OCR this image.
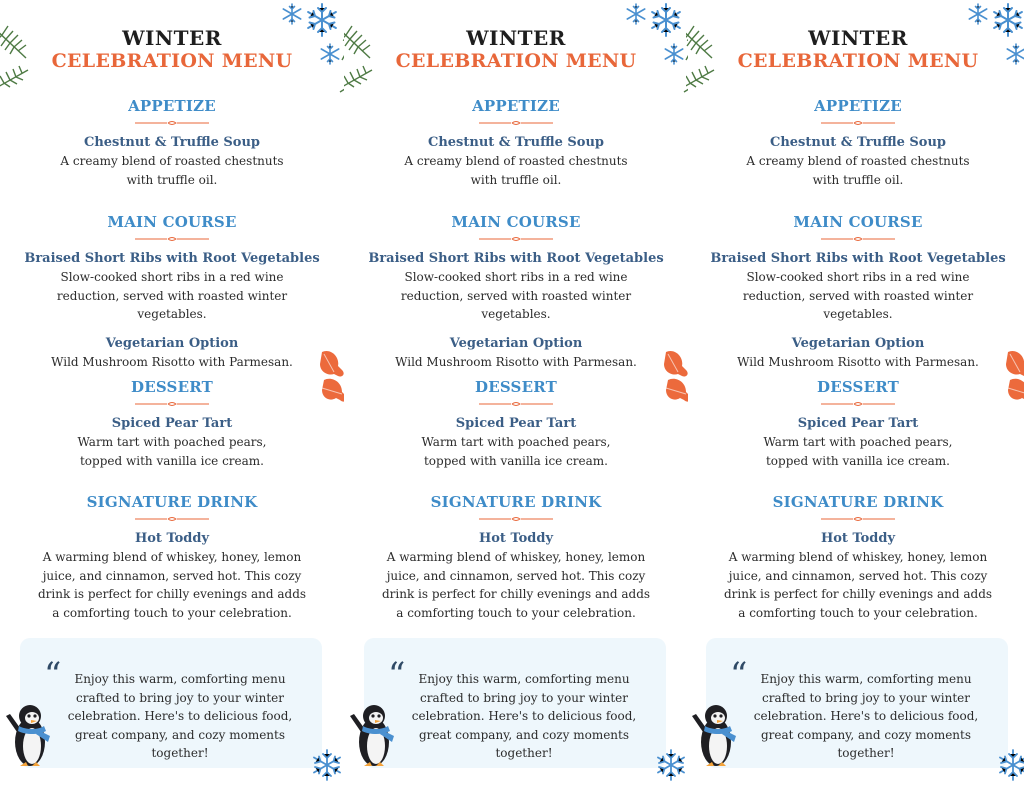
WINTER
CELEBRATION MENU
APPETIZE
Chestnut & Truffle Soup
A creamy blend of roasted chestnuts with truffle oil.
MAIN COURSE
Braised Short Ribs with Root Vegetables
Slow-cooked short ribs in a red wine reduction, served with roasted winter vegetables.
Vegetarian Option
Wild Mushroom Risotto with Parmesan.
DESSERT
Spiced Pear Tart
Warm tart with poached pears, topped with vanilla ice cream.
SIGNATURE DRINK
Hot Toddy
A warming blend of whiskey, honey, lemon juice, and cinnamon, served hot. This cozy drink is perfect for chilly evenings and adds a comforting touch to your celebration.
“	Enjoy this warm, comforting menu crafted to bring joy to your winter celebration. Here's to delicious food, great company, and cozy moments together!
WINTER
CELEBRATION MENU
APPETIZE
Chestnut & Truffle Soup
A creamy blend of roasted chestnuts with truffle oil.
MAIN COURSE
Braised Short Ribs with Root Vegetables
Slow-cooked short ribs in a red wine reduction, served with roasted winter vegetables.
Vegetarian Option
Wild Mushroom Risotto with Parmesan.
DESSERT
Spiced Pear Tart
Warm tart with poached pears, topped with vanilla ice cream.
SIGNATURE DRINK
Hot Toddy
A warming blend of whiskey, honey, lemon juice, and cinnamon, served hot. This cozy drink is perfect for chilly evenings and adds a comforting touch to your celebration.
“	Enjoy this warm, comforting menu crafted to bring joy to your winter celebration. Here's to delicious food, great company, and cozy moments together!
WINTER
CELEBRATION MENU
APPETIZE
Chestnut & Truffle Soup
A creamy blend of roasted chestnuts with truffle oil.
MAIN COURSE
Braised Short Ribs with Root Vegetables
Slow-cooked short ribs in a red wine reduction, served with roasted winter vegetables.
Vegetarian Option
Wild Mushroom Risotto with Parmesan.
DESSERT
Spiced Pear Tart
Warm tart with poached pears, topped with vanilla ice cream.
SIGNATURE DRINK
Hot Toddy
A warming blend of whiskey, honey, lemon juice, and cinnamon, served hot. This cozy drink is perfect for chilly evenings and adds a comforting touch to your celebration.
“	Enjoy this warm, comforting menu crafted to bring joy to your winter celebration. Here's to delicious food, great company, and cozy moments together!
